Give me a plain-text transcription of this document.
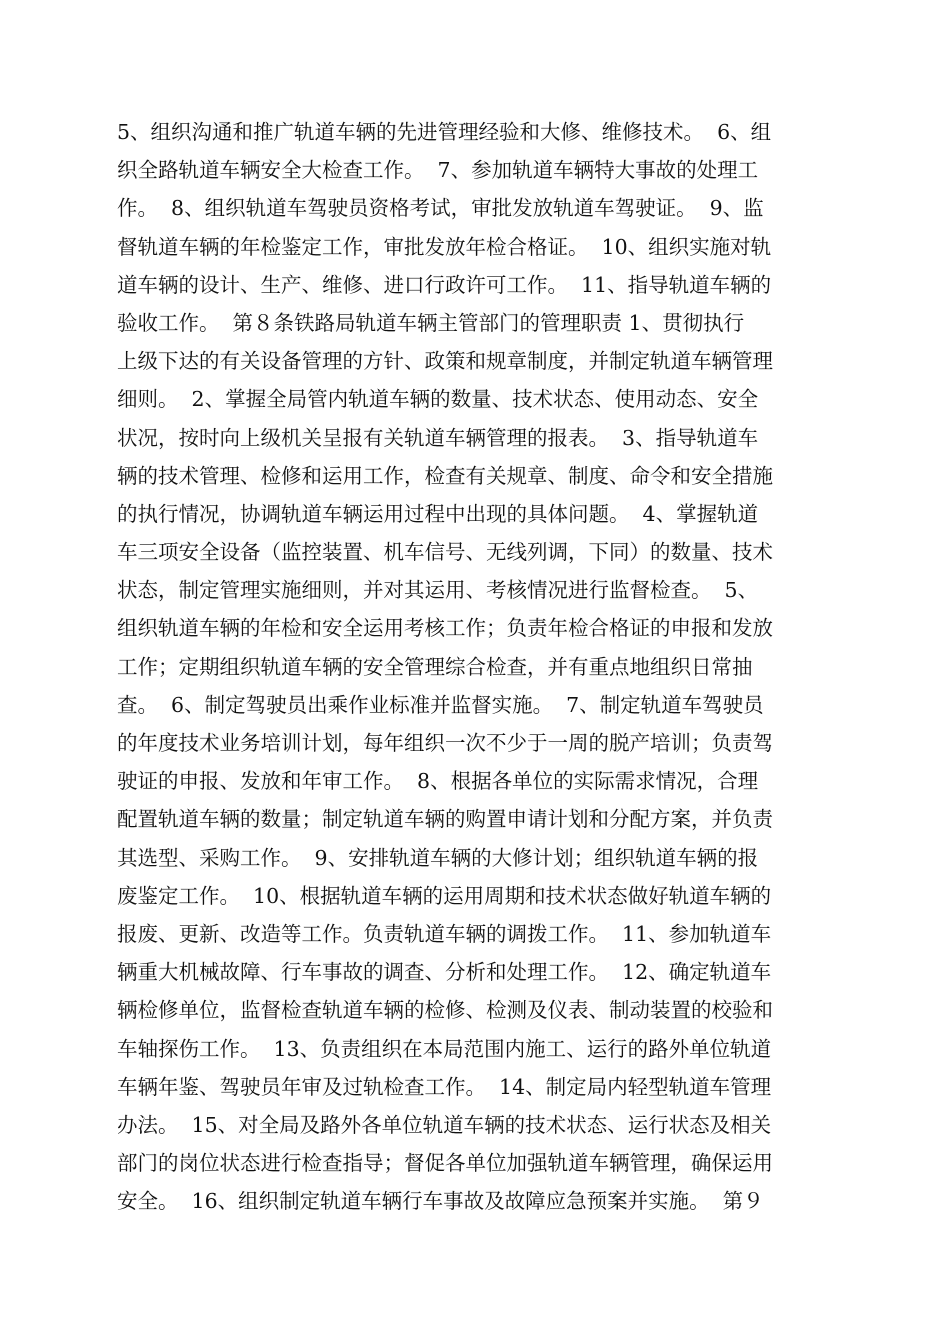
5、组织沟通和推广轨道车辆的先进管理经验和大修、维修技术。  6、组
织全路轨道车辆安全大检查工作。  7、参加轨道车辆特大事故的处理工
作。  8、组织轨道车驾驶员资格考试，审批发放轨道车驾驶证。  9、监
督轨道车辆的年检鉴定工作，审批发放年检合格证。  10、组织实施对轨
道车辆的设计、生产、维修、进口行政许可工作。  11、指导轨道车辆的
验收工作。  第８条铁路局轨道车辆主管部门的管理职责 1、贯彻执行
上级下达的有关设备管理的方针、政策和规章制度，并制定轨道车辆管理
细则。  2、掌握全局管内轨道车辆的数量、技术状态、使用动态、安全
状况，按时向上级机关呈报有关轨道车辆管理的报表。  3、指导轨道车
辆的技术管理、检修和运用工作，检查有关规章、制度、命令和安全措施
的执行情况，协调轨道车辆运用过程中出现的具体问题。  4、掌握轨道
车三项安全设备（监控装置、机车信号、无线列调，下同）的数量、技术
状态，制定管理实施细则，并对其运用、考核情况进行监督检查。  5、
组织轨道车辆的年检和安全运用考核工作；负责年检合格证的申报和发放
工作；定期组织轨道车辆的安全管理综合检查，并有重点地组织日常抽
查。  6、制定驾驶员出乘作业标准并监督实施。  7、制定轨道车驾驶员
的年度技术业务培训计划，每年组织一次不少于一周的脱产培训；负责驾
驶证的申报、发放和年审工作。  8、根据各单位的实际需求情况，合理
配置轨道车辆的数量；制定轨道车辆的购置申请计划和分配方案，并负责
其选型、采购工作。  9、安排轨道车辆的大修计划；组织轨道车辆的报
废鉴定工作。  10、根据轨道车辆的运用周期和技术状态做好轨道车辆的
报废、更新、改造等工作。负责轨道车辆的调拨工作。  11、参加轨道车
辆重大机械故障、行车事故的调查、分析和处理工作。  12、确定轨道车
辆检修单位，监督检查轨道车辆的检修、检测及仪表、制动装置的校验和
车轴探伤工作。  13、负责组织在本局范围内施工、运行的路外单位轨道
车辆年鉴、驾驶员年审及过轨检查工作。  14、制定局内轻型轨道车管理
办法。  15、对全局及路外各单位轨道车辆的技术状态、运行状态及相关
部门的岗位状态进行检查指导；督促各单位加强轨道车辆管理，确保运用
安全。  16、组织制定轨道车辆行车事故及故障应急预案并实施。  第９
